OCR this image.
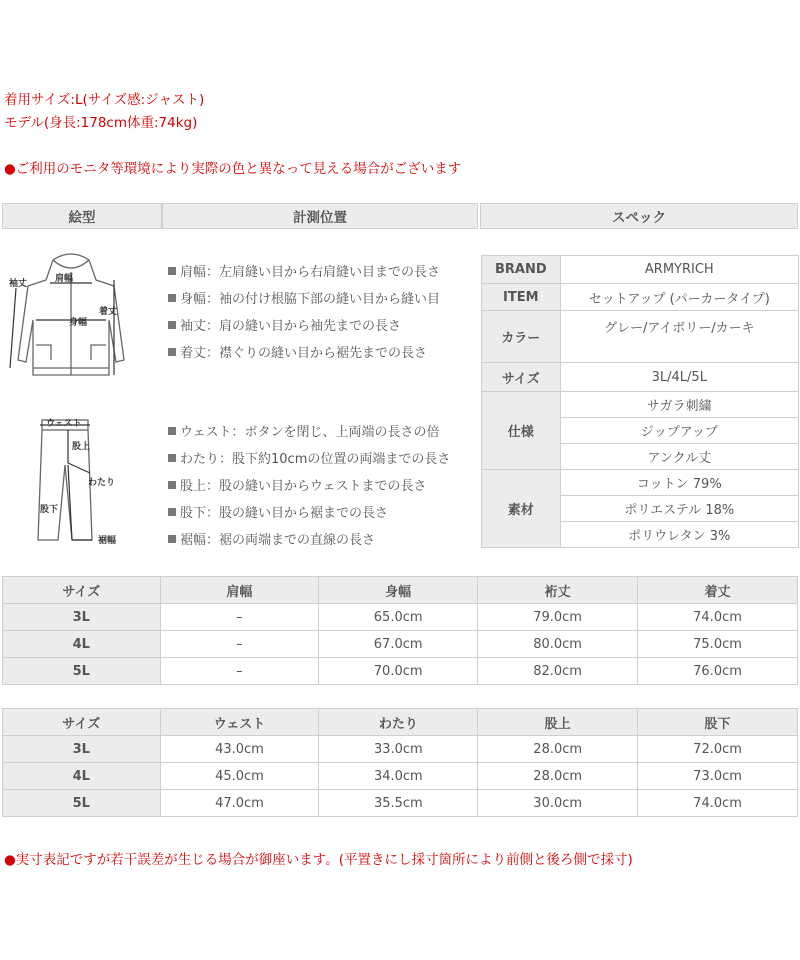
着用サイズ:L(サイズ感:ジャスト)
モデル(身長:178cm体重:74kg)
●ご利用のモニタ等環境により実際の色と異なって見える場合がございます
絵型	計測位置	スペック
肩幅
身幅
袖丈
着丈
ウェスト
股上
わたり
股下
裾幅
肩幅：左肩縫い目から右肩縫い目までの長さ
身幅：袖の付け根脇下部の縫い目から縫い目
袖丈：肩の縫い目から袖先までの長さ
着丈：襟ぐりの縫い目から裾先までの長さ
ウェスト：ボタンを閉じ、上両端の長さの倍
わたり：股下約10cmの位置の両端までの長さ
股上：股の縫い目からウェストまでの長さ
股下：股の縫い目から裾までの長さ
裾幅：裾の両端までの直線の長さ
BRAND	ARMYRICH
ITEM	セットアップ (パーカータイプ)
カラー	グレー/アイボリー/カーキ
サイズ	3L/4L/5L
仕様	サガラ刺繍
	ジップアップ
	アンクル丈
素材	コットン 79%
	ポリエステル 18%
	ポリウレタン 3%
サイズ	肩幅	身幅	裄丈	着丈
3L	–	65.0cm	79.0cm	74.0cm
4L	–	67.0cm	80.0cm	75.0cm
5L	–	70.0cm	82.0cm	76.0cm
サイズ	ウェスト	わたり	股上	股下
3L	43.0cm	33.0cm	28.0cm	72.0cm
4L	45.0cm	34.0cm	28.0cm	73.0cm
5L	47.0cm	35.5cm	30.0cm	74.0cm
●実寸表記ですが若干誤差が生じる場合が御座います。(平置きにし採寸箇所により前側と後ろ側で採寸)
